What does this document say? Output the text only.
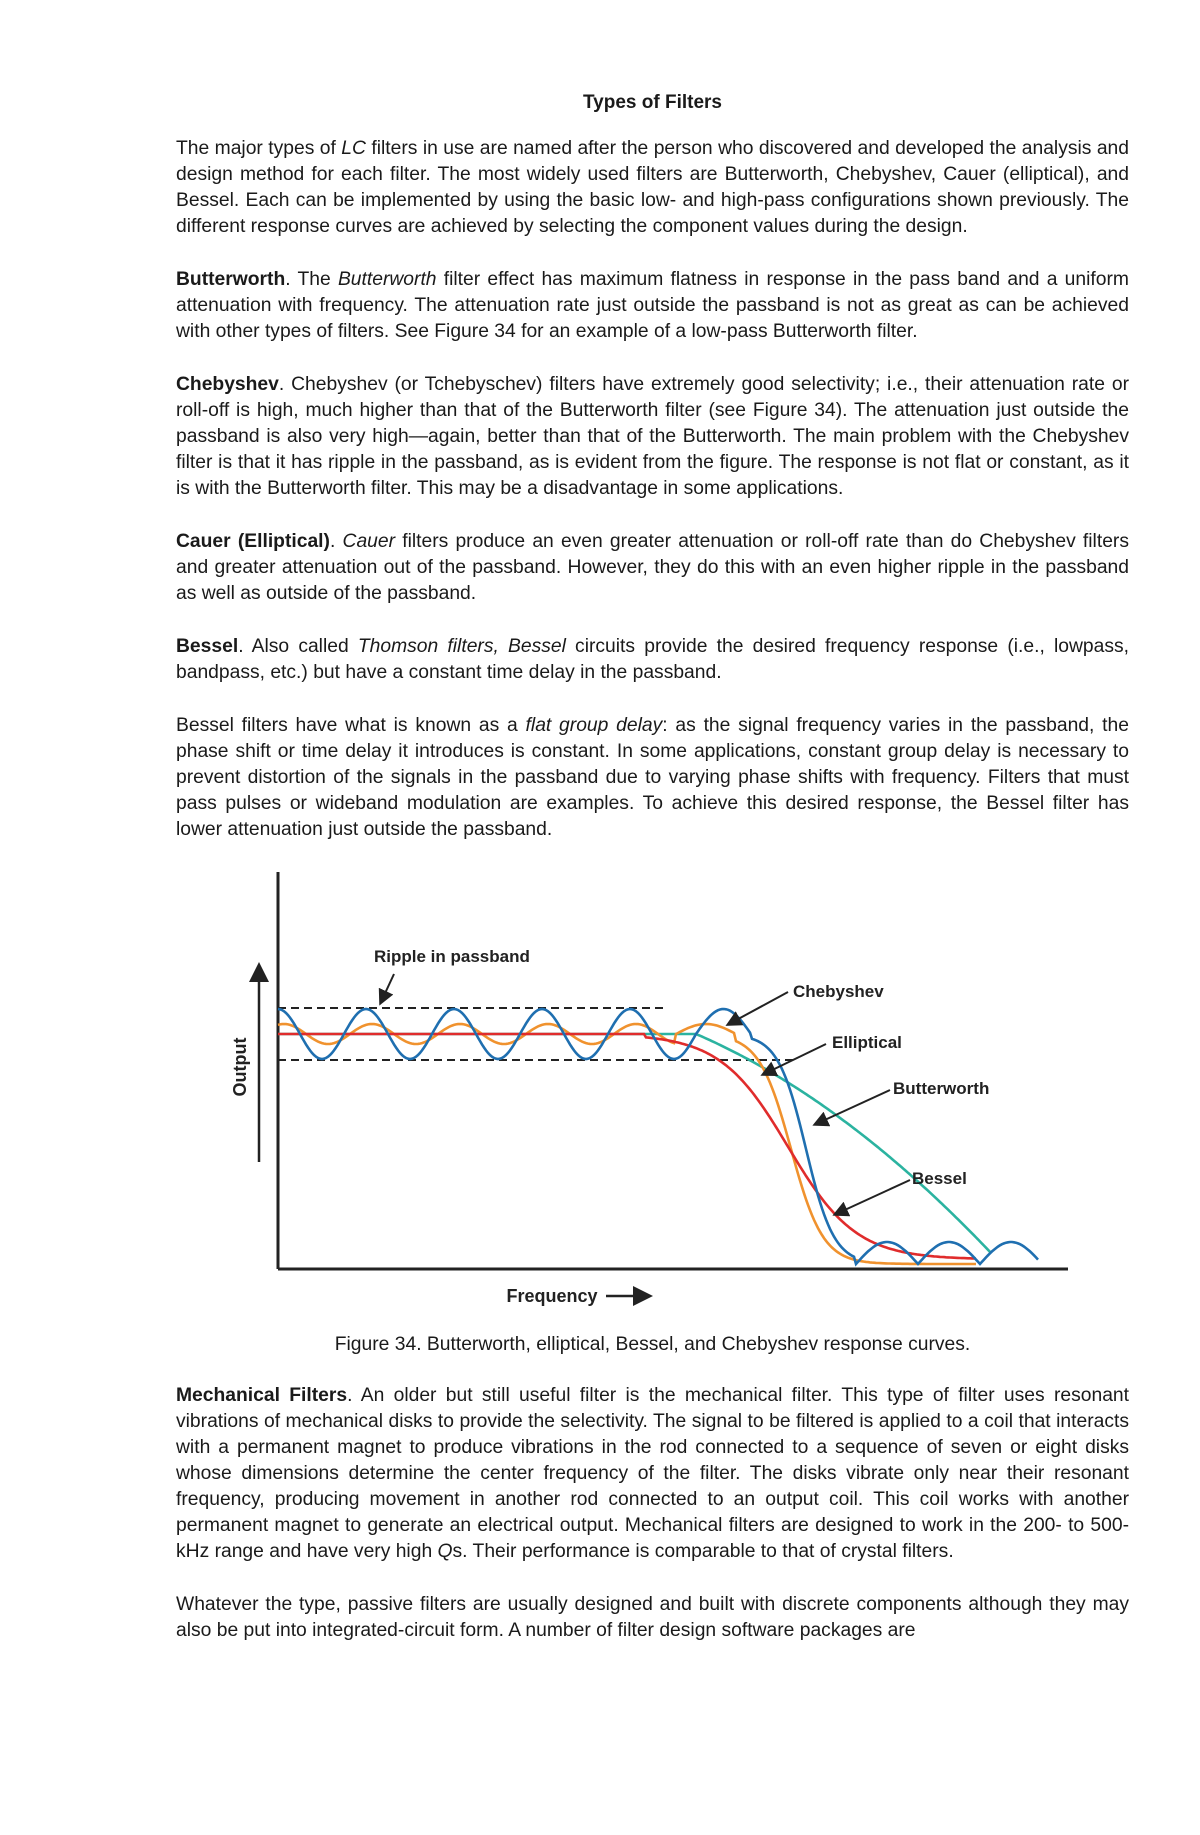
Types of Filters

The major types of LC filters in use are named after the person who discovered and developed the analysis and design method for each filter. The most widely used filters are Butterworth, Chebyshev, Cauer (elliptical), and Bessel. Each can be implemented by using the basic low- and high-pass configurations shown previously. The different response curves are achieved by selecting the component values during the design.

Butterworth. The Butterworth filter effect has maximum flatness in response in the pass band and a uniform attenuation with frequency. The attenuation rate just outside the passband is not as great as can be achieved with other types of filters. See Figure 34 for an example of a low-pass Butterworth filter.

Chebyshev. Chebyshev (or Tchebyschev) filters have extremely good selectivity; i.e., their attenuation rate or roll-off is high, much higher than that of the Butterworth filter (see Figure 34). The attenuation just outside the passband is also very high—again, better than that of the Butterworth. The main problem with the Chebyshev filter is that it has ripple in the passband, as is evident from the figure. The response is not flat or constant, as it is with the Butterworth filter. This may be a disadvantage in some applications.

Cauer (Elliptical). Cauer filters produce an even greater attenuation or roll-off rate than do Chebyshev filters and greater attenuation out of the passband. However, they do this with an even higher ripple in the passband as well as outside of the passband.

Bessel. Also called Thomson filters, Bessel circuits provide the desired frequency response (i.e., lowpass, bandpass, etc.) but have a constant time delay in the passband.

Bessel filters have what is known as a flat group delay: as the signal frequency varies in the passband, the phase shift or time delay it introduces is constant. In some applications, constant group delay is necessary to prevent distortion of the signals in the passband due to varying phase shifts with frequency. Filters that must pass pulses or wideband modulation are examples. To achieve this desired response, the Bessel filter has lower attenuation just outside the passband.

Output
Frequency
Ripple in passband
Chebyshev
Elliptical
Butterworth
Bessel
Figure 34. Butterworth, elliptical, Bessel, and Chebyshev response curves.

Mechanical Filters. An older but still useful filter is the mechanical filter. This type of filter uses resonant vibrations of mechanical disks to provide the selectivity. The signal to be filtered is applied to a coil that interacts with a permanent magnet to produce vibrations in the rod connected to a sequence of seven or eight disks whose dimensions determine the center frequency of the filter. The disks vibrate only near their resonant frequency, producing movement in another rod connected to an output coil. This coil works with another permanent magnet to generate an electrical output. Mechanical filters are designed to work in the 200- to 500-kHz range and have very high Qs. Their performance is comparable to that of crystal filters.

Whatever the type, passive filters are usually designed and built with discrete components although they may also be put into integrated-circuit form. A number of filter design software packages are
